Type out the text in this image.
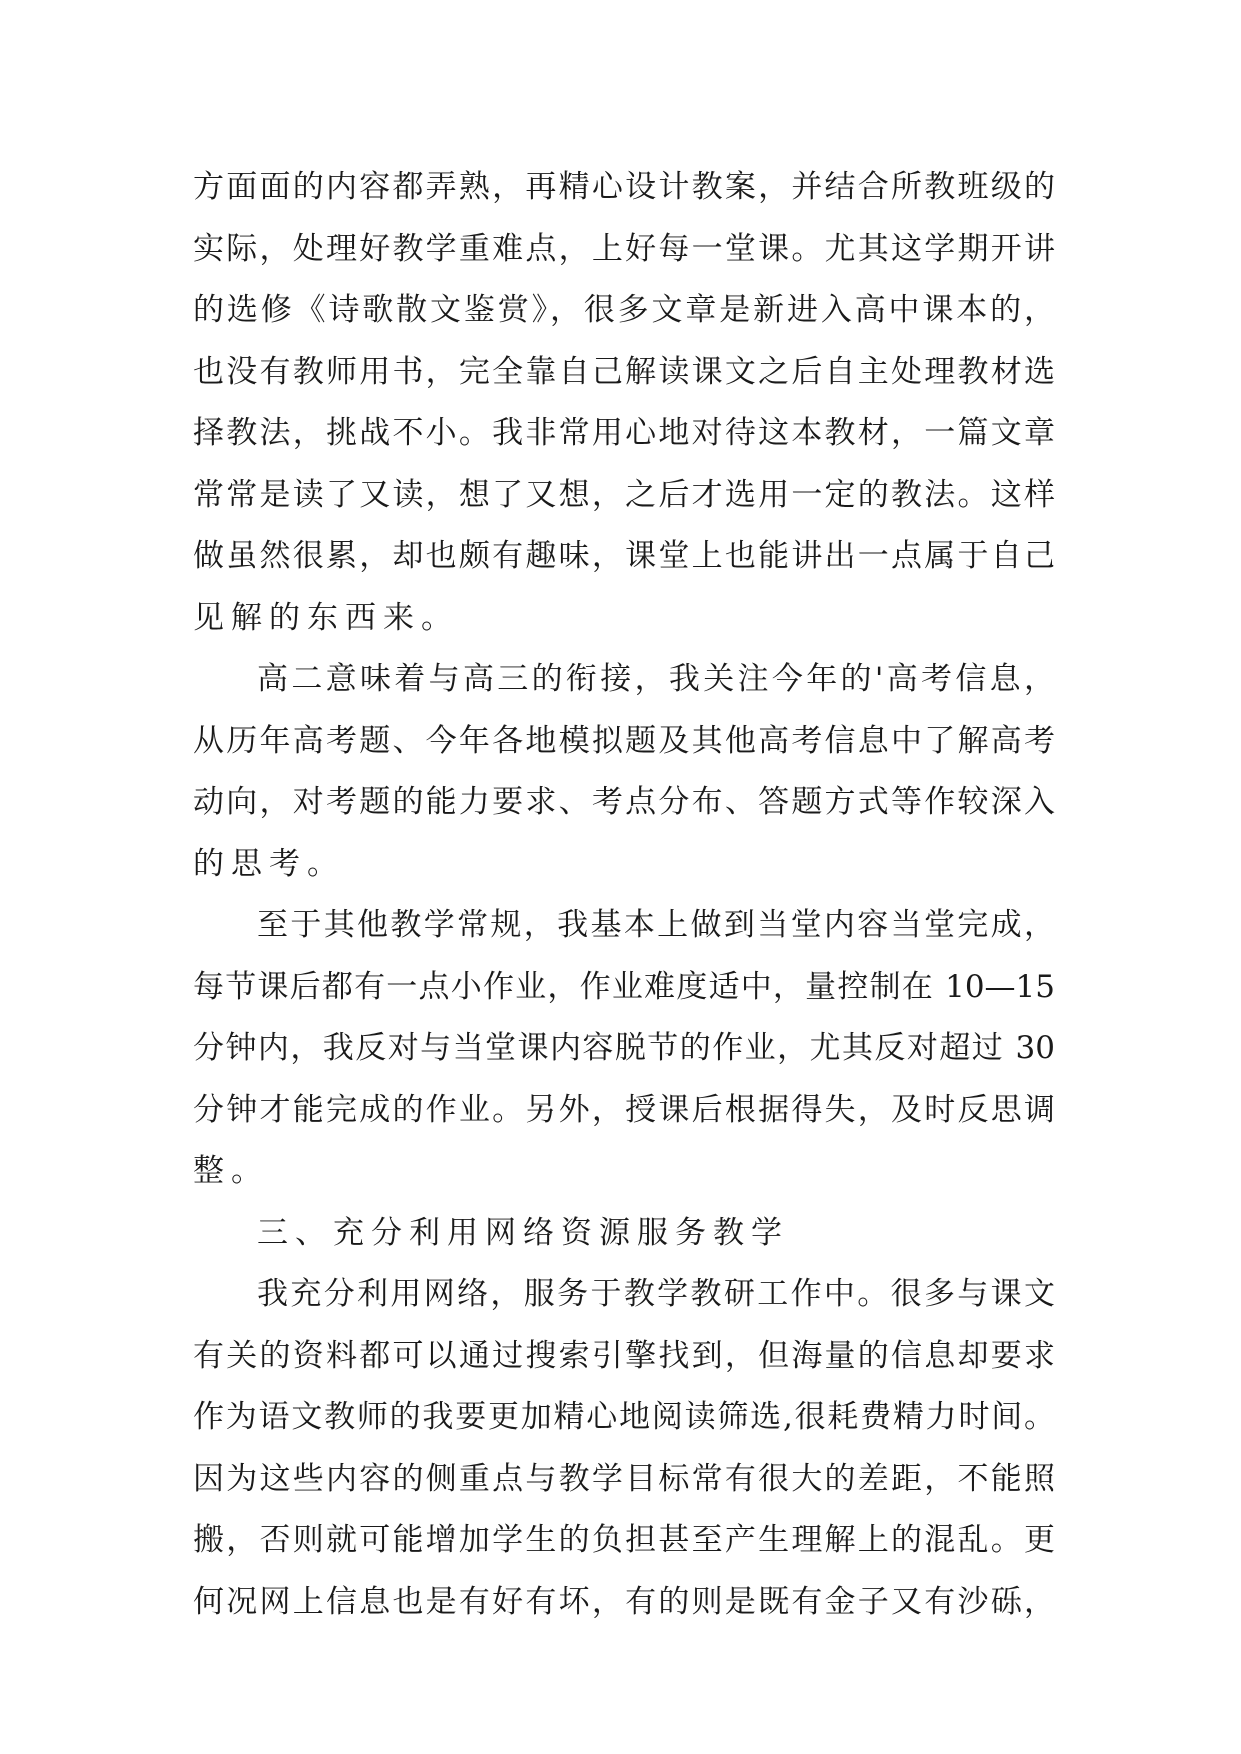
方面面的内容都弄熟，再精心设计教案，并结合所教班级的
实际，处理好教学重难点，上好每一堂课。尤其这学期开讲
的选修《诗歌散文鉴赏》，很多文章是新进入高中课本的，
也没有教师用书，完全靠自己解读课文之后自主处理教材选
择教法，挑战不小。我非常用心地对待这本教材，一篇文章
常常是读了又读，想了又想，之后才选用一定的教法。这样
做虽然很累，却也颇有趣味，课堂上也能讲出一点属于自己
见解的东西来。
高二意味着与高三的衔接，我关注今年的'高考信息，
从历年高考题、今年各地模拟题及其他高考信息中了解高考
动向，对考题的能力要求、考点分布、答题方式等作较深入
的思考。
至于其他教学常规，我基本上做到当堂内容当堂完成，
每节课后都有一点小作业，作业难度适中，量控制在 10—15
分钟内，我反对与当堂课内容脱节的作业，尤其反对超过 30
分钟才能完成的作业。另外，授课后根据得失，及时反思调
整。
三、充分利用网络资源服务教学
我充分利用网络，服务于教学教研工作中。很多与课文
有关的资料都可以通过搜索引擎找到，但海量的信息却要求
作为语文教师的我要更加精心地阅读筛选,很耗费精力时间。
因为这些内容的侧重点与教学目标常有很大的差距，不能照
搬，否则就可能增加学生的负担甚至产生理解上的混乱。更
何况网上信息也是有好有坏，有的则是既有金子又有沙砾，
